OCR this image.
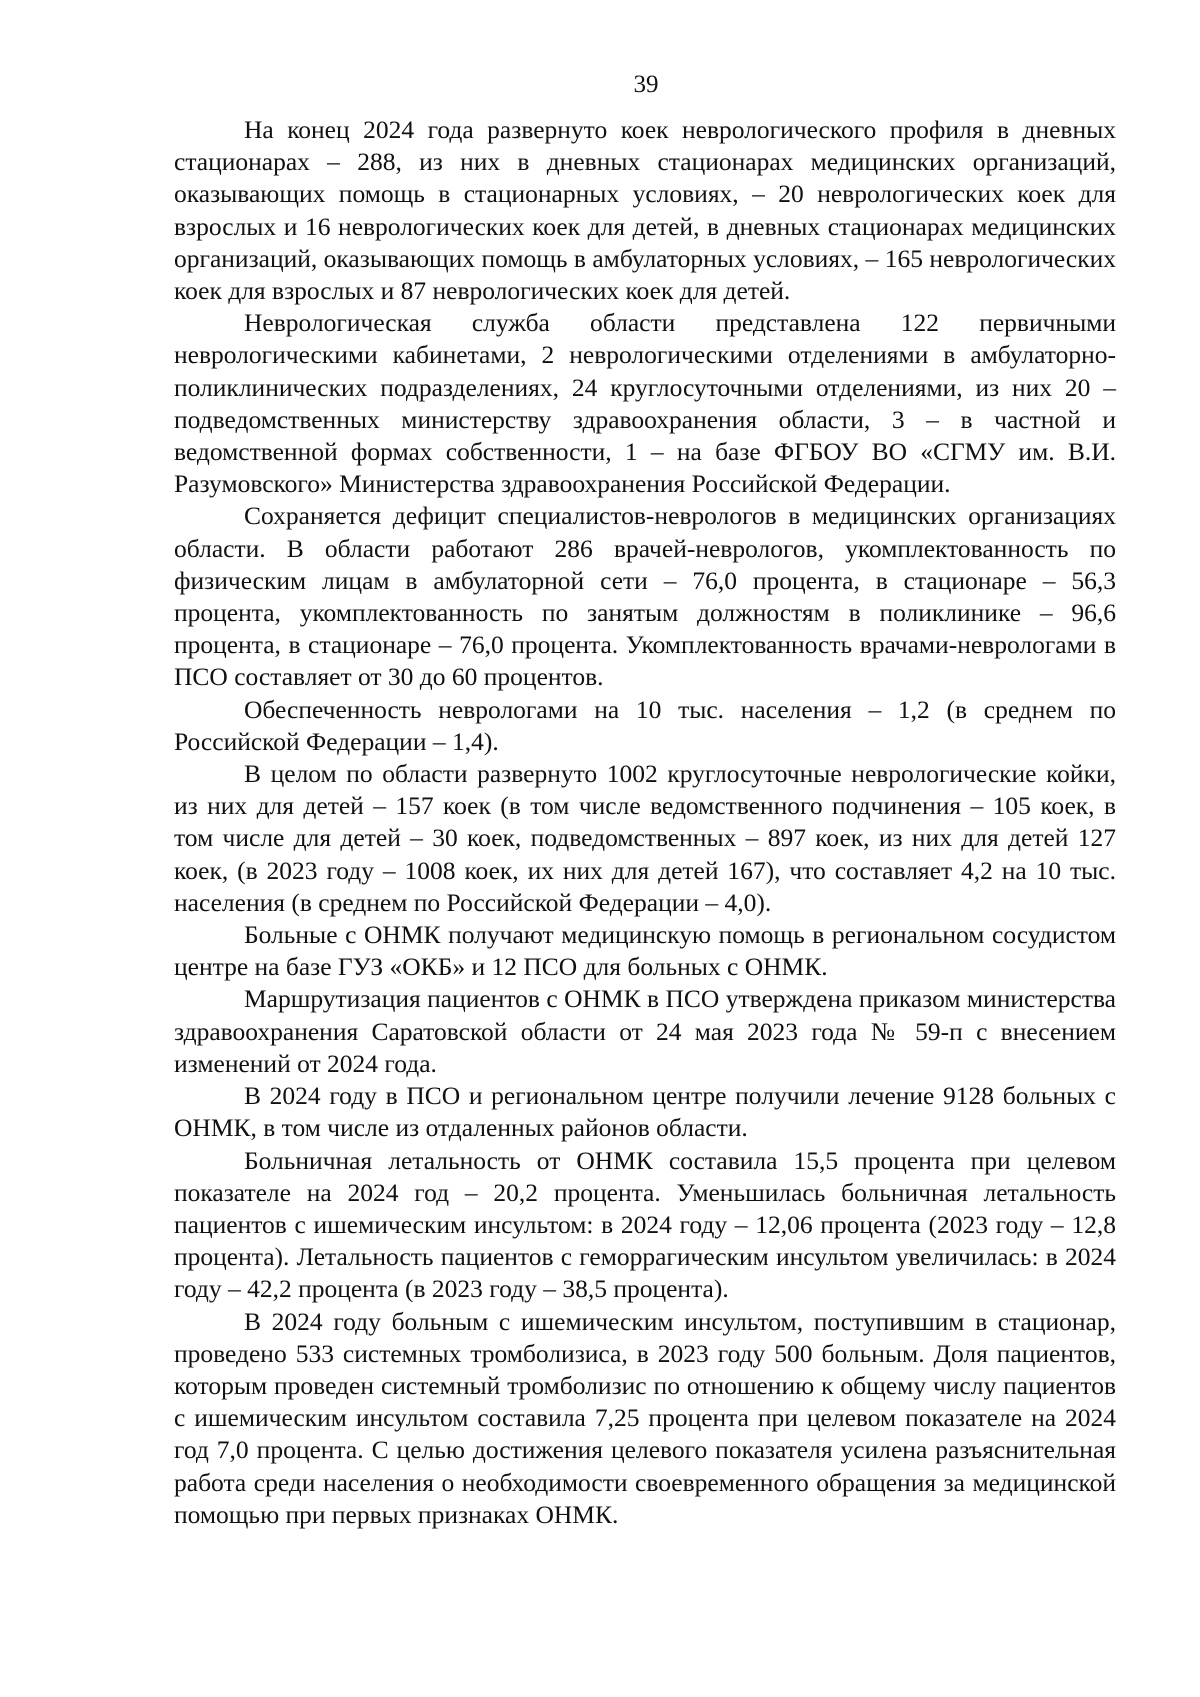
39

На конец 2024 года развернуто коек неврологического профиля в дневных стационарах – 288, из них в дневных стационарах медицинских организаций, оказывающих помощь в стационарных условиях, – 20 неврологических коек для взрослых и 16 неврологических коек для детей, в дневных стационарах медицинских организаций, оказывающих помощь в амбулаторных условиях, – 165 неврологических коек для взрослых и 87 неврологических коек для детей.

Неврологическая служба области представлена 122 первичными неврологическими кабинетами, 2 неврологическими отделениями в амбулаторно-поликлинических подразделениях, 24 круглосуточными отделениями, из них 20 – подведомственных министерству здравоохранения области, 3 – в частной и ведомственной формах собственности, 1 – на базе ФГБОУ ВО «СГМУ им. В.И. Разумовского» Министерства здравоохранения Российской Федерации.

Сохраняется дефицит специалистов-неврологов в медицинских организациях области. В области работают 286 врачей-неврологов, укомплектованность по физическим лицам в амбулаторной сети – 76,0 процента, в стационаре – 56,3 процента, укомплектованность по занятым должностям в поликлинике – 96,6 процента, в стационаре – 76,0 процента. Укомплектованность врачами-неврологами в ПСО составляет от 30 до 60 процентов.

Обеспеченность неврологами на 10 тыс. населения – 1,2 (в среднем по Российской Федерации – 1,4).

В целом по области развернуто 1002 круглосуточные неврологические койки, из них для детей – 157 коек (в том числе ведомственного подчинения – 105 коек, в том числе для детей – 30 коек, подведомственных – 897 коек, из них для детей 127 коек, (в 2023 году – 1008 коек, их них для детей 167), что составляет 4,2 на 10 тыс. населения (в среднем по Российской Федерации – 4,0).

Больные с ОНМК получают медицинскую помощь в региональном сосудистом центре на базе ГУЗ «ОКБ» и 12 ПСО для больных с ОНМК.

Маршрутизация пациентов с ОНМК в ПСО утверждена приказом министерства здравоохранения Саратовской области от 24 мая 2023 года № 59-п с внесением изменений от 2024 года.

В 2024 году в ПСО и региональном центре получили лечение 9128 больных с ОНМК, в том числе из отдаленных районов области.

Больничная летальность от ОНМК составила 15,5 процента при целевом показателе на 2024 год – 20,2 процента. Уменьшилась больничная летальность пациентов с ишемическим инсультом: в 2024 году – 12,06 процента (2023 году – 12,8 процента). Летальность пациентов с геморрагическим инсультом увеличилась: в 2024 году – 42,2 процента (в 2023 году – 38,5 процента).

В 2024 году больным с ишемическим инсультом, поступившим в стационар, проведено 533 системных тромболизиса, в 2023 году 500 больным. Доля пациентов, которым проведен системный тромболизис по отношению к общему числу пациентов с ишемическим инсультом составила 7,25 процента при целевом показателе на 2024 год 7,0 процента. С целью достижения целевого показателя усилена разъяснительная работа среди населения о необходимости своевременного обращения за медицинской помощью при первых признаках ОНМК.
